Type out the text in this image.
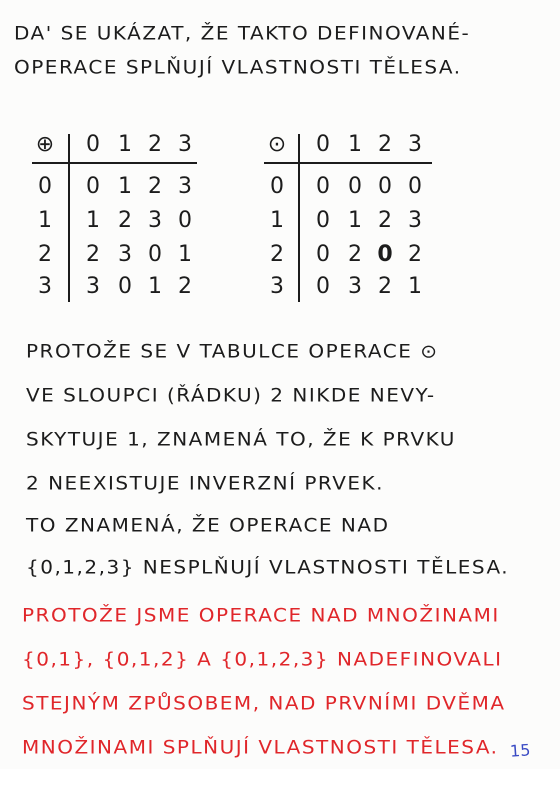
DA' SE UKÁZAT, ŽE TAKTO DEFINOVANÉ-
OPERACE SPLŇUJÍ VLASTNOSTI TĚLESA.
⊕	0 1 2 3
0	0 1 2 3
1	1 2 3 0
2	2 3 0 1
3	3 0 1 2
⊙	0 1 2 3
0	0 0 0 0
1	0 1 2 3
2	0 2 0 2
3	0 3 2 1
PROTOŽE SE V TABULCE OPERACE ⊙
VE SLOUPCI (ŘÁDKU) 2 NIKDE NEVY-
SKYTUJE 1, ZNAMENÁ TO, ŽE K PRVKU
2 NEEXISTUJE INVERZNÍ PRVEK.
TO ZNAMENÁ, ŽE OPERACE NAD
{0,1,2,3} NESPLŇUJÍ VLASTNOSTI TĚLESA.
PROTOŽE JSME OPERACE NAD MNOŽINAMI
{0,1}, {0,1,2} A {0,1,2,3} NADEFINOVALI
STEJNÝM ZPŮSOBEM, NAD PRVNÍMI DVĚMA
MNOŽINAMI SPLŇUJÍ VLASTNOSTI TĚLESA. 15
